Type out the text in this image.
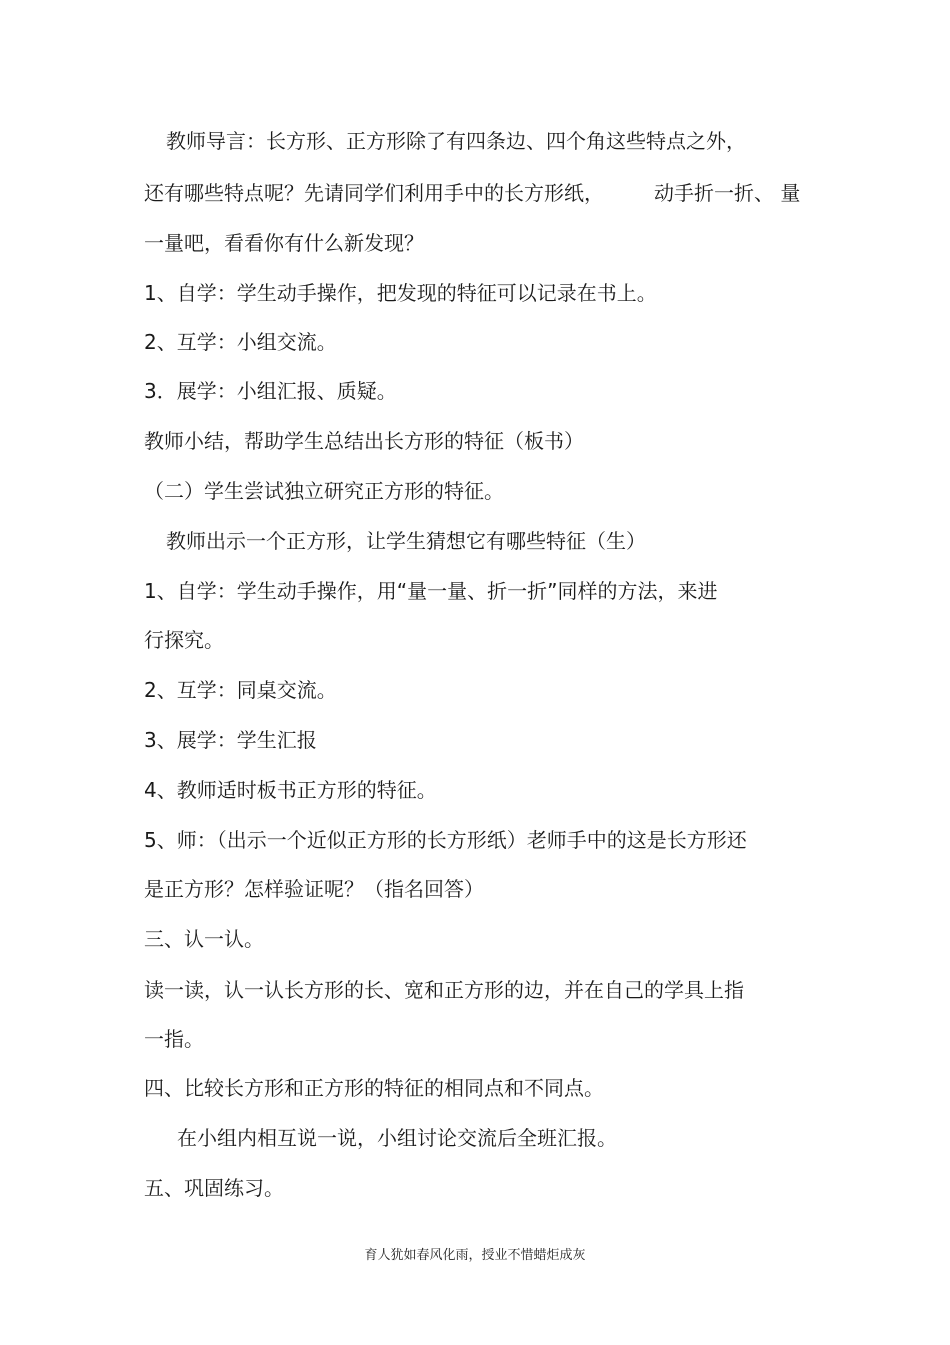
教师导言：长方形、正方形除了有四条边、四个角这些特点之外，
还有哪些特点呢？先请同学们利用手中的长方形纸，	动手折一折、 量
一量吧，看看你有什么新发现？
1、自学：学生动手操作，把发现的特征可以记录在书上。
2、互学：小组交流。
3．展学：小组汇报、质疑。
教师小结，帮助学生总结出长方形的特征（板书）
（二）学生尝试独立研究正方形的特征。
教师出示一个正方形，让学生猜想它有哪些特征（生）
1、自学：学生动手操作，用“量一量、折一折”同样的方法，来进
行探究。
2、互学：同桌交流。
3、展学：学生汇报
4、教师适时板书正方形的特征。
5、师：（出示一个近似正方形的长方形纸）老师手中的这是长方形还
是正方形？怎样验证呢？（指名回答）
三、认一认。
读一读，认一认长方形的长、宽和正方形的边，并在自己的学具上指
一指。
四、比较长方形和正方形的特征的相同点和不同点。
在小组内相互说一说，小组讨论交流后全班汇报。
五、巩固练习。
育人犹如春风化雨，授业不惜蜡炬成灰
